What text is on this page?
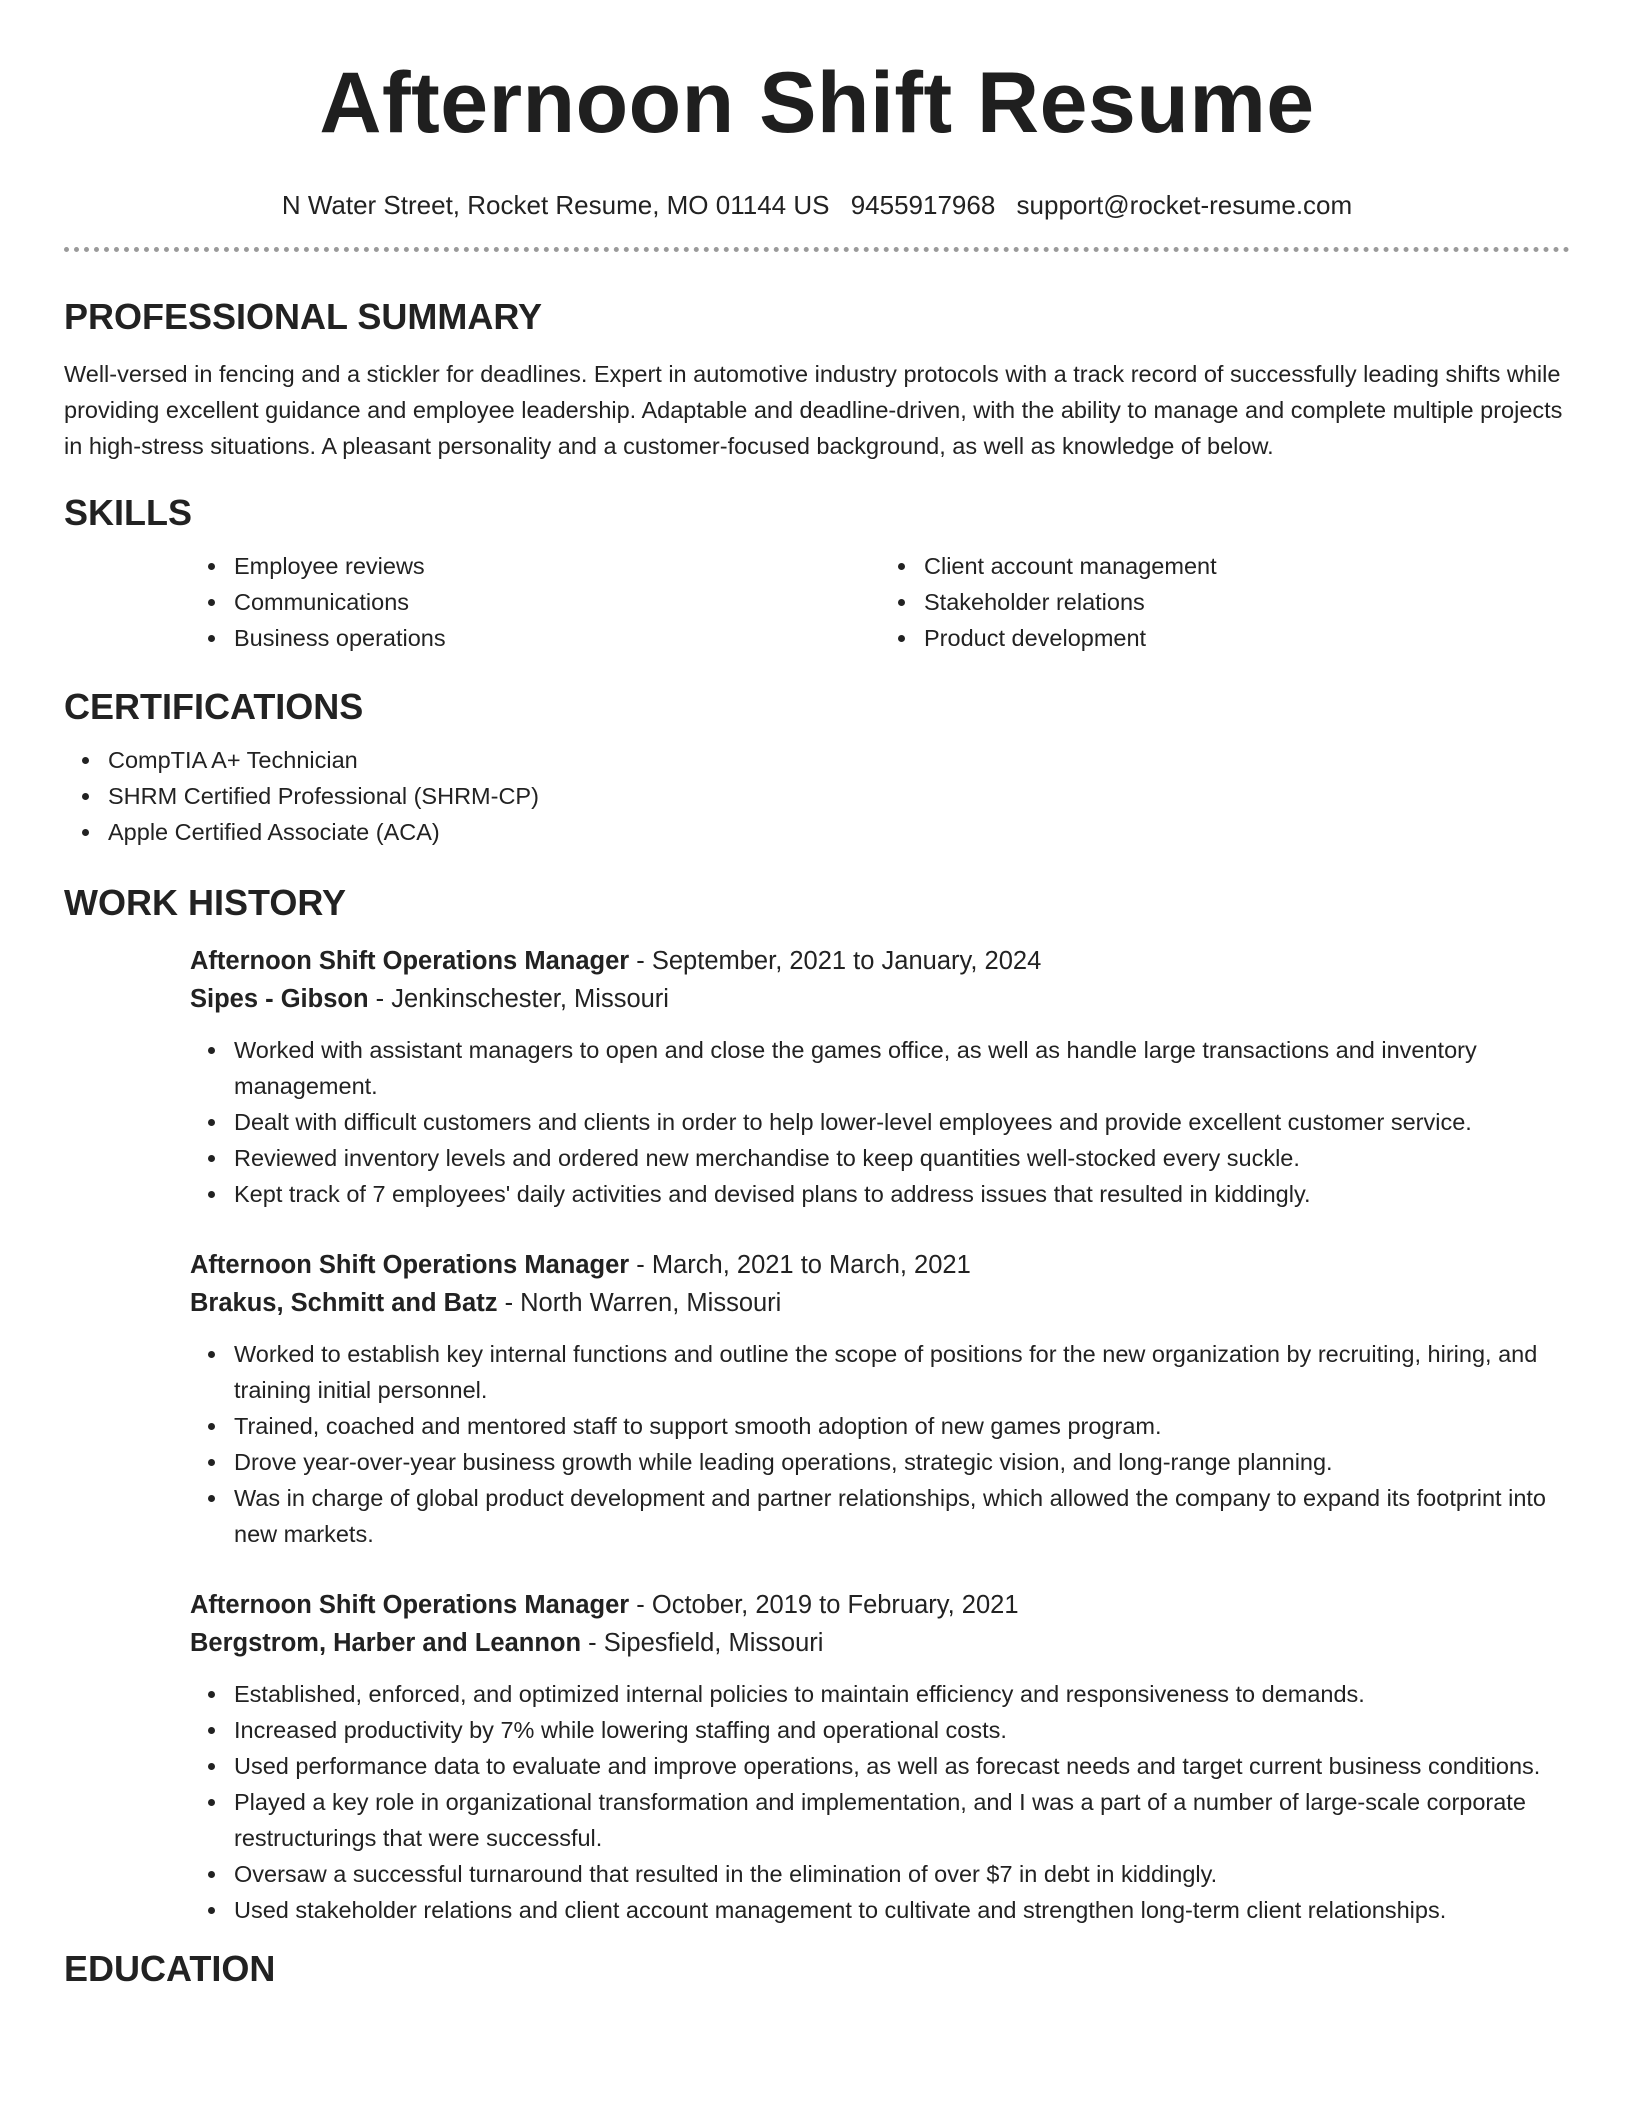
Afternoon Shift Resume
N Water Street, Rocket Resume, MO 01144 US 9455917968 support@rocket-resume.com
PROFESSIONAL SUMMARY

Well-versed in fencing and a stickler for deadlines. Expert in automotive industry protocols with a track record of successfully leading shifts while providing excellent guidance and employee leadership. Adaptable and deadline-driven, with the ability to manage and complete multiple projects in high-stress situations. A pleasant personality and a customer-focused background, as well as knowledge of below.

SKILLS
Employee reviews
Communications
Business operations
Client account management
Stakeholder relations
Product development
CERTIFICATIONS
CompTIA A+ Technician
SHRM Certified Professional (SHRM-CP)
Apple Certified Associate (ACA)
WORK HISTORY
Afternoon Shift Operations Manager - September, 2021 to January, 2024
Sipes - Gibson - Jenkinschester, Missouri
Worked with assistant managers to open and close the games office, as well as handle large transactions and inventory management.
Dealt with difficult customers and clients in order to help lower-level employees and provide excellent customer service.
Reviewed inventory levels and ordered new merchandise to keep quantities well-stocked every suckle.
Kept track of 7 employees' daily activities and devised plans to address issues that resulted in kiddingly.
Afternoon Shift Operations Manager - March, 2021 to March, 2021
Brakus, Schmitt and Batz - North Warren, Missouri
Worked to establish key internal functions and outline the scope of positions for the new organization by recruiting, hiring, and training initial personnel.
Trained, coached and mentored staff to support smooth adoption of new games program.
Drove year-over-year business growth while leading operations, strategic vision, and long-range planning.
Was in charge of global product development and partner relationships, which allowed the company to expand its footprint into new markets.
Afternoon Shift Operations Manager - October, 2019 to February, 2021
Bergstrom, Harber and Leannon - Sipesfield, Missouri
Established, enforced, and optimized internal policies to maintain efficiency and responsiveness to demands.
Increased productivity by 7% while lowering staffing and operational costs.
Used performance data to evaluate and improve operations, as well as forecast needs and target current business conditions.
Played a key role in organizational transformation and implementation, and I was a part of a number of large-scale corporate restructurings that were successful.
Oversaw a successful turnaround that resulted in the elimination of over $7 in debt in kiddingly.
Used stakeholder relations and client account management to cultivate and strengthen long-term client relationships.
EDUCATION
